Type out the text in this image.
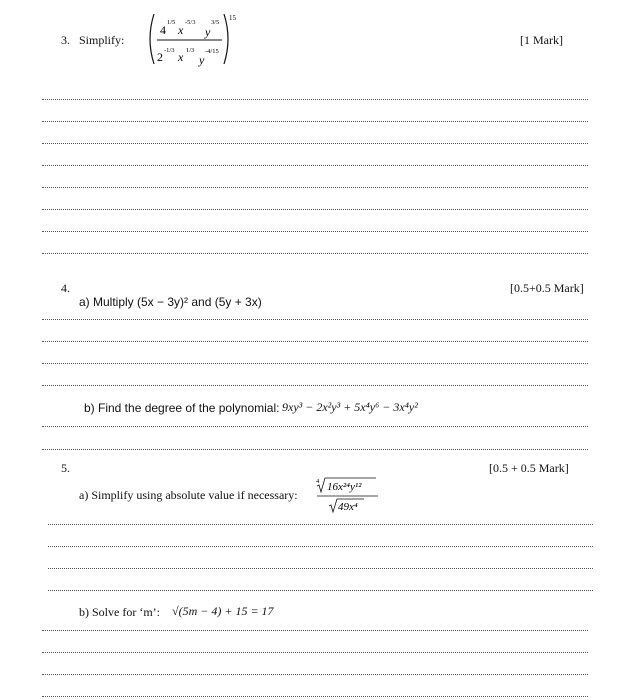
3. Simplify:
4
1/5
x
-5/3
y
3/5
2 -1/3 x 1/3
y
-4/15
15
[1 Mark]
4.	[0.5+0.5 Mark]
a) Multiply (5x − 3y)² and (5y + 3x)
b) Find the degree of the polynomial: 9xy³ − 2x²y³ + 5x⁴y⁶ − 3x⁴y²
5.	[0.5 + 0.5 Mark]
a) Simplify using absolute value if necessary:
4 16x²⁴y¹²
49x⁴
b) Solve for ‘m’: √(5m − 4) + 15 = 17
